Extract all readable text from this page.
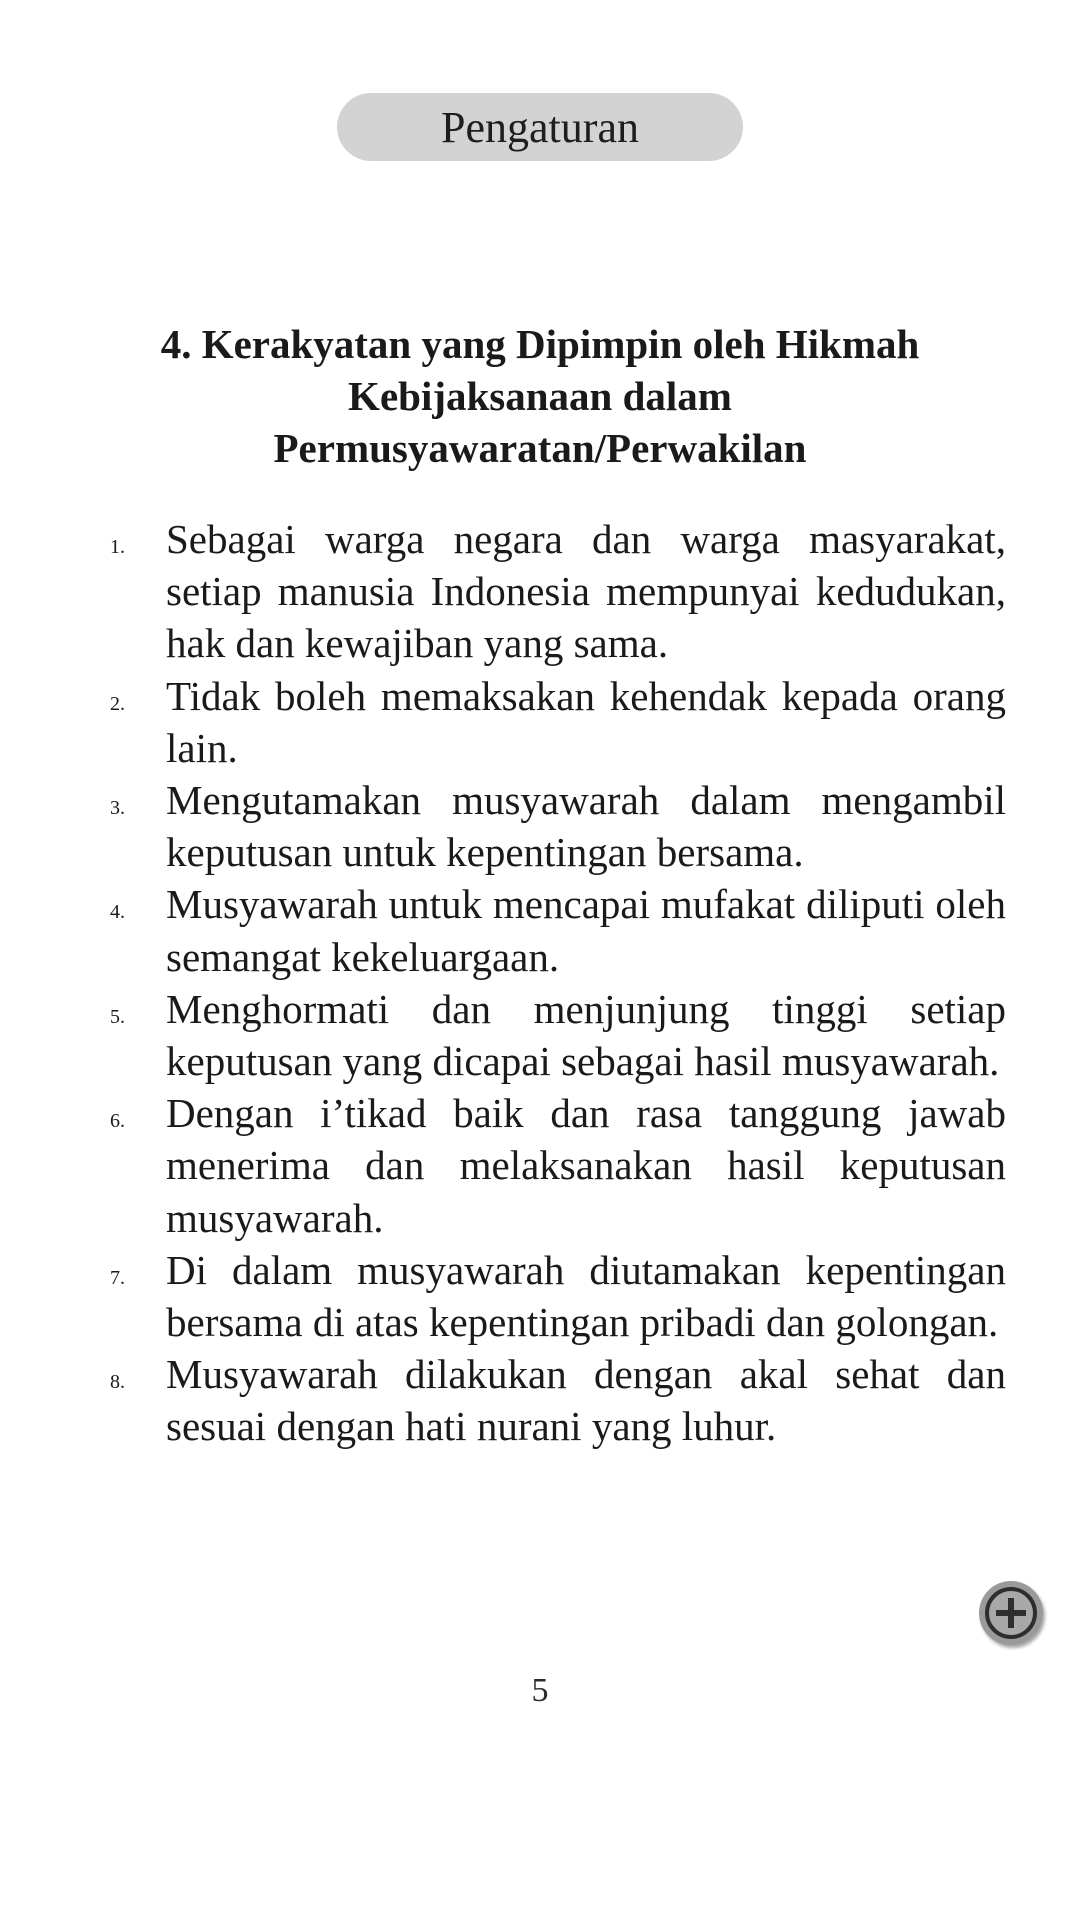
Pengaturan
4. Kerakyatan yang Dipimpin oleh Hikmah
Kebijaksanaan dalam
Permusyawaratan/Perwakilan
1.	Sebagai warga negara dan warga masyarakat, setiap manusia Indonesia mempunyai kedudukan, hak dan kewajiban yang sama.
2.	Tidak boleh memaksakan kehendak kepada orang lain.
3.	Mengutamakan musyawarah dalam mengambil keputusan untuk kepentingan bersama.
4.	Musyawarah untuk mencapai mufakat diliputi oleh semangat kekeluargaan.
5.	Menghormati dan menjunjung tinggi setiap keputusan yang dicapai sebagai hasil musyawarah.
6.	Dengan i’tikad baik dan rasa tanggung jawab menerima dan melaksanakan hasil keputusan musyawarah.
7.	Di dalam musyawarah diutamakan kepentingan bersama di atas kepentingan pribadi dan golongan.
8.	Musyawarah dilakukan dengan akal sehat dan sesuai dengan hati nurani yang luhur.
5
